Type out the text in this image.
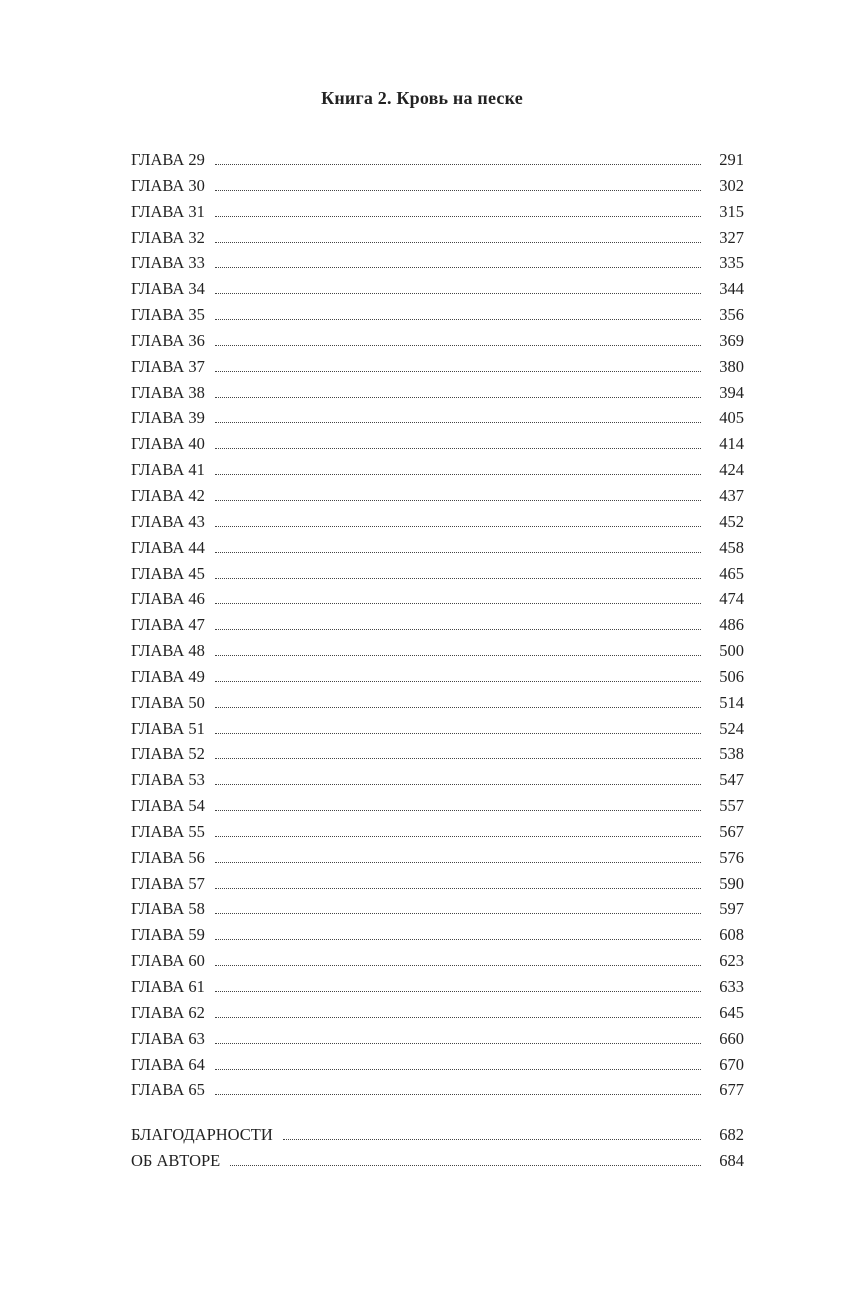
Книга 2. Кровь на песке
ГЛАВА 29	291
ГЛАВА 30	302
ГЛАВА 31	315
ГЛАВА 32	327
ГЛАВА 33	335
ГЛАВА 34	344
ГЛАВА 35	356
ГЛАВА 36	369
ГЛАВА 37	380
ГЛАВА 38	394
ГЛАВА 39	405
ГЛАВА 40	414
ГЛАВА 41	424
ГЛАВА 42	437
ГЛАВА 43	452
ГЛАВА 44	458
ГЛАВА 45	465
ГЛАВА 46	474
ГЛАВА 47	486
ГЛАВА 48	500
ГЛАВА 49	506
ГЛАВА 50	514
ГЛАВА 51	524
ГЛАВА 52	538
ГЛАВА 53	547
ГЛАВА 54	557
ГЛАВА 55	567
ГЛАВА 56	576
ГЛАВА 57	590
ГЛАВА 58	597
ГЛАВА 59	608
ГЛАВА 60	623
ГЛАВА 61	633
ГЛАВА 62	645
ГЛАВА 63	660
ГЛАВА 64	670
ГЛАВА 65	677
БЛАГОДАРНОСТИ	682
ОБ АВТОРЕ	684
